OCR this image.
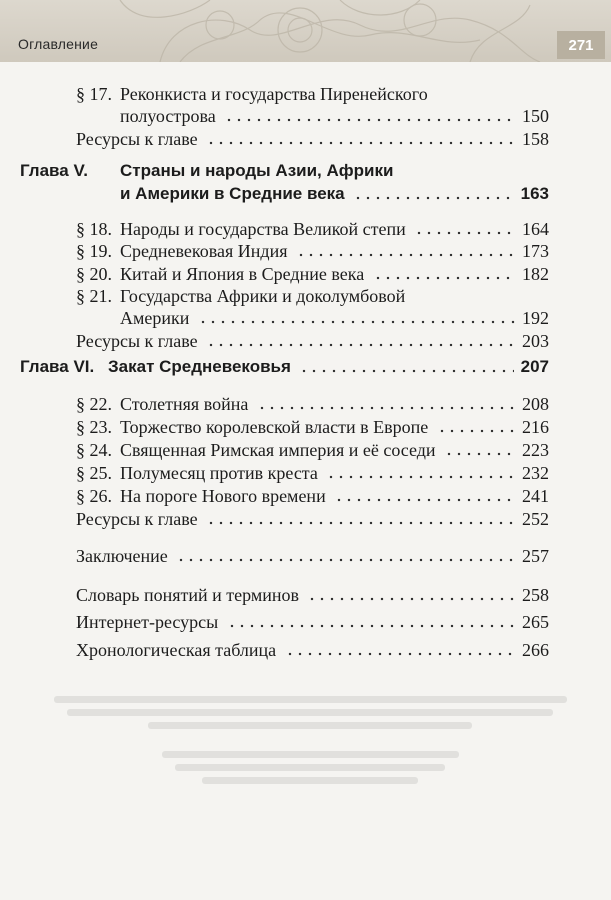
Оглавление	271
§ 17. Реконкиста и государства Пиренейского
полуострова	150
Ресурсы к главе	158
Глава V. Страны и народы Азии, Африки
и Америки в Средние века	163
§ 18. Народы и государства Великой степи	164
§ 19. Средневековая Индия	173
§ 20. Китай и Япония в Средние века	182
§ 21. Государства Африки и доколумбовой
Америки	192
Ресурсы к главе	203
Глава VI. Закат Средневековья	207
§ 22. Столетняя война	208
§ 23. Торжество королевской власти в Европе	216
§ 24. Священная Римская империя и её соседи	223
§ 25. Полумесяц против креста	232
§ 26. На пороге Нового времени	241
Ресурсы к главе	252
Заключение	257
Словарь понятий и терминов	258
Интернет-ресурсы	265
Хронологическая таблица	266
